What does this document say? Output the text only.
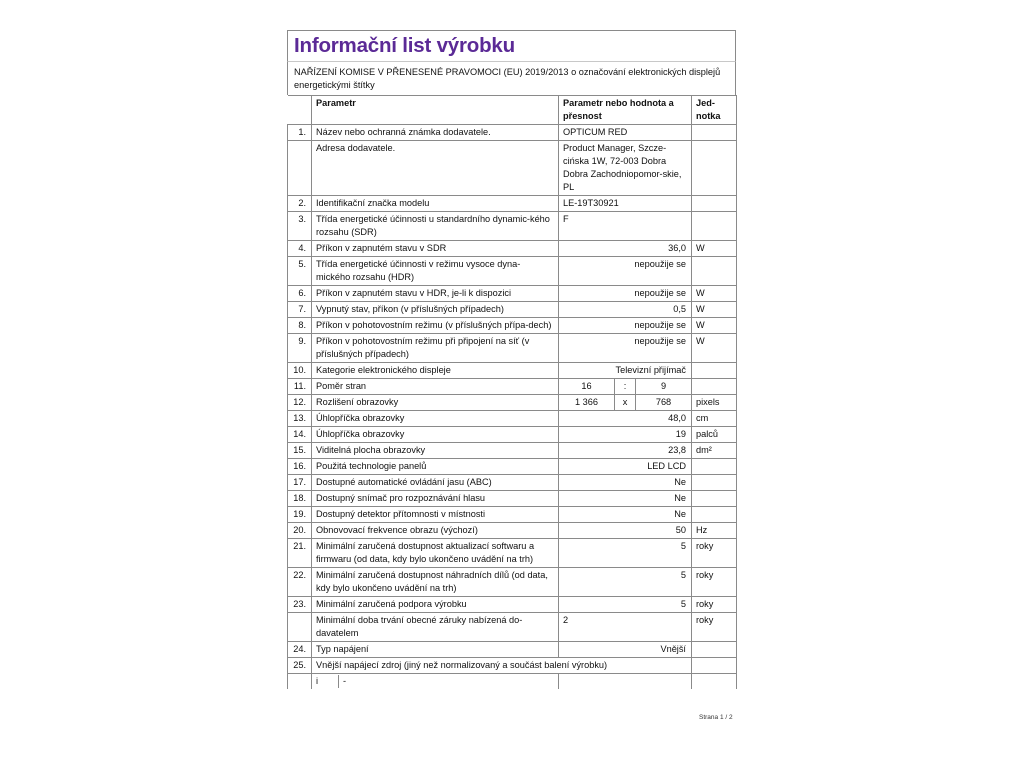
Informační list výrobku
NAŘÍZENÍ KOMISE V PŘENESENÉ PRAVOMOCI (EU) 2019/2013 o označování elektronických displejů energetickými štítky
	Parametr	Parametr nebo hodnota a přesnost	Jed-notka
1.	Název nebo ochranná známka dodavatele.	OPTICUM RED	
	Adresa dodavatele.	Product Manager, Szcze-cińska 1W, 72-003 Dobra Dobra Zachodniopomor-skie, PL	
2.	Identifikační značka modelu	LE-19T30921	
3.	Třída energetické účinnosti u standardního dynamic-kého rozsahu (SDR)	F	
4.	Příkon v zapnutém stavu v SDR	36,0	W
5.	Třída energetické účinnosti v režimu vysoce dyna-mického rozsahu (HDR)	nepoužije se	
6.	Příkon v zapnutém stavu v HDR, je-li k dispozici	nepoužije se	W
7.	Vypnutý stav, příkon (v příslušných případech)	0,5	W
8.	Příkon v pohotovostním režimu (v příslušných přípa-dech)	nepoužije se	W
9.	Příkon v pohotovostním režimu při připojení na síť (v příslušných případech)	nepoužije se	W
10.	Kategorie elektronického displeje	Televizní přijímač	
11.	Poměr stran	16 : 9	

12.	Rozlišení obrazovky	1 366 x 768	pixels
13.	Úhlopříčka obrazovky	48,0	cm
14.	Úhlopříčka obrazovky	19	palců
15.	Viditelná plocha obrazovky	23,8	dm²
16.	Použitá technologie panelů	LED LCD	
17.	Dostupné automatické ovládání jasu (ABC)	Ne	
18.	Dostupný snímač pro rozpoznávání hlasu	Ne	
19.	Dostupný detektor přítomnosti v místnosti	Ne	
20.	Obnovovací frekvence obrazu (výchozí)	50	Hz
21.	Minimální zaručená dostupnost aktualizací softwaru a firmwaru (od data, kdy bylo ukončeno uvádění na trh)	5	roky
22.	Minimální zaručená dostupnost náhradních dílů (od data, kdy bylo ukončeno uvádění na trh)	5	roky
23.	Minimální zaručená podpora výrobku	5	roky
	Minimální doba trvání obecné záruky nabízená do-davatelem	2	roky
24.	Typ napájení	Vnější	
25.	Vnější napájecí zdroj (jiný než normalizovaný a součást balení výrobku)		
	i -		
Strana 1 / 2
